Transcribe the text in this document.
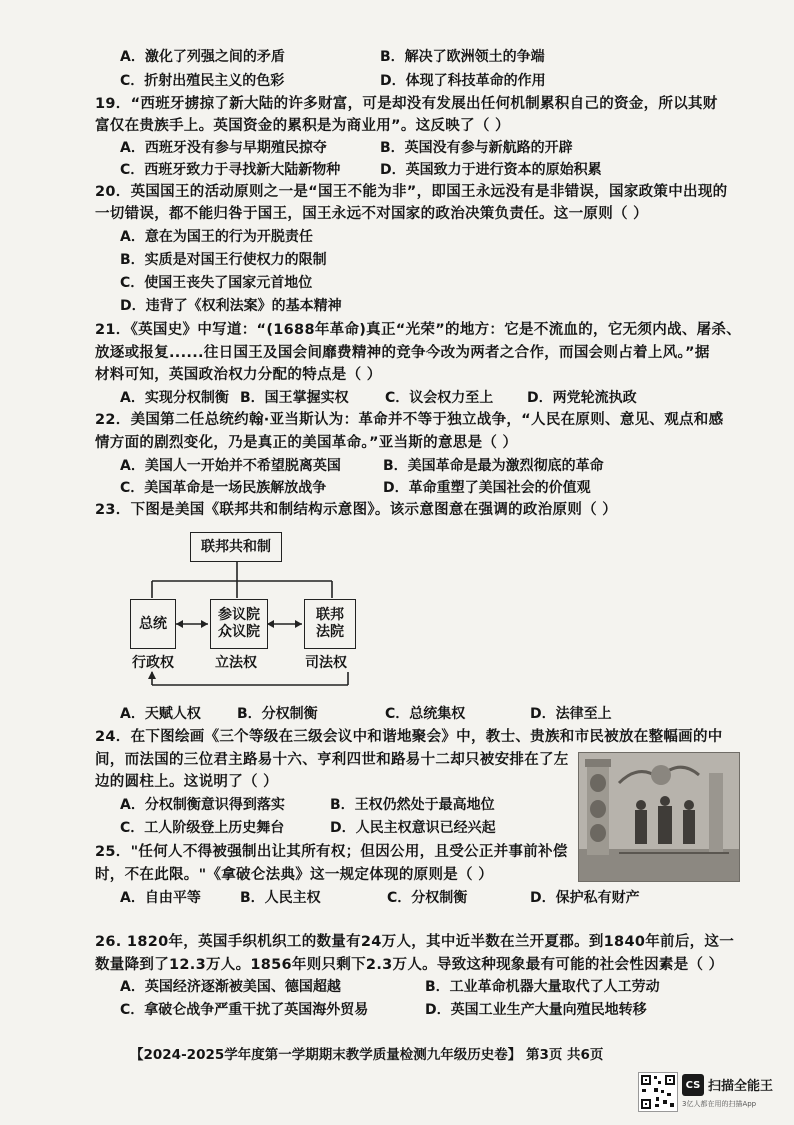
A．激化了列强之间的矛盾	B．解决了欧洲领土的争端
C．折射出殖民主义的色彩	D．体现了科技革命的作用
19．“西班牙掳掠了新大陆的许多财富，可是却没有发展出任何机制累积自己的资金，所以其财
富仅在贵族手上。英国资金的累积是为商业用”。这反映了（ ）
A．西班牙没有参与早期殖民掠夺	B．英国没有参与新航路的开辟
C．西班牙致力于寻找新大陆新物种	D．英国致力于进行资本的原始积累
20．英国国王的活动原则之一是“国王不能为非”，即国王永远没有是非错误，国家政策中出现的
一切错误，都不能归咎于国王，国王永远不对国家的政治决策负责任。这一原则（ ）
A．意在为国王的行为开脱责任
B．实质是对国王行使权力的限制
C．使国王丧失了国家元首地位
D．违背了《权利法案》的基本精神
21．《英国史》中写道：“(1688年革命)真正“光荣”的地方：它是不流血的，它无须内战、屠杀、
放逐或报复......往日国王及国会间靡费精神的竞争今改为两者之合作，而国会则占着上风。”据
材料可知，英国政治权力分配的特点是（ ）
A．实现分权制衡 B．国王掌握实权	C．议会权力至上 D．两党轮流执政
22．美国第二任总统约翰·亚当斯认为：革命并不等于独立战争，“人民在原则、意见、观点和感
情方面的剧烈变化，乃是真正的美国革命。”亚当斯的意思是（ ）
A．美国人一开始并不希望脱离英国	B．美国革命是最为激烈彻底的革命
C．美国革命是一场民族解放战争	D．革命重塑了美国社会的价值观
23．下图是美国《联邦共和制结构示意图》。该示意图意在强调的政治原则（ ）
联邦共和制
总统
参议院
众议院
联邦
法院
行政权	立法权	司法权
A．天赋人权	B．分权制衡	C．总统集权	D．法律至上
24．在下图绘画《三个等级在三级会议中和谐地聚会》中，教士、贵族和市民被放在整幅画的中
间，而法国的三位君主路易十六、亨利四世和路易十二却只被安排在了左
边的圆柱上。这说明了（ ）
A．分权制衡意识得到落实	B．王权仍然处于最高地位
C．工人阶级登上历史舞台	D．人民主权意识已经兴起
25．"任何人不得被强制出让其所有权；但因公用，且受公正并事前补偿
时，不在此限。"《拿破仑法典》这一规定体现的原则是（ ）
A．自由平等	B．人民主权	C．分权制衡	D．保护私有财产
26. 1820年，英国手织机织工的数量有24万人，其中近半数在兰开夏郡。到1840年前后，这一
数量降到了12.3万人。1856年则只剩下2.3万人。导致这种现象最有可能的社会性因素是（ ）
A．英国经济逐渐被美国、德国超越	B．工业革命机器大量取代了人工劳动
C．拿破仑战争严重干扰了英国海外贸易	D．英国工业生产大量向殖民地转移
【2024-2025学年度第一学期期末教学质量检测九年级历史卷】 第3页 共6页
CS 扫描全能王
3亿人都在用的扫描App
